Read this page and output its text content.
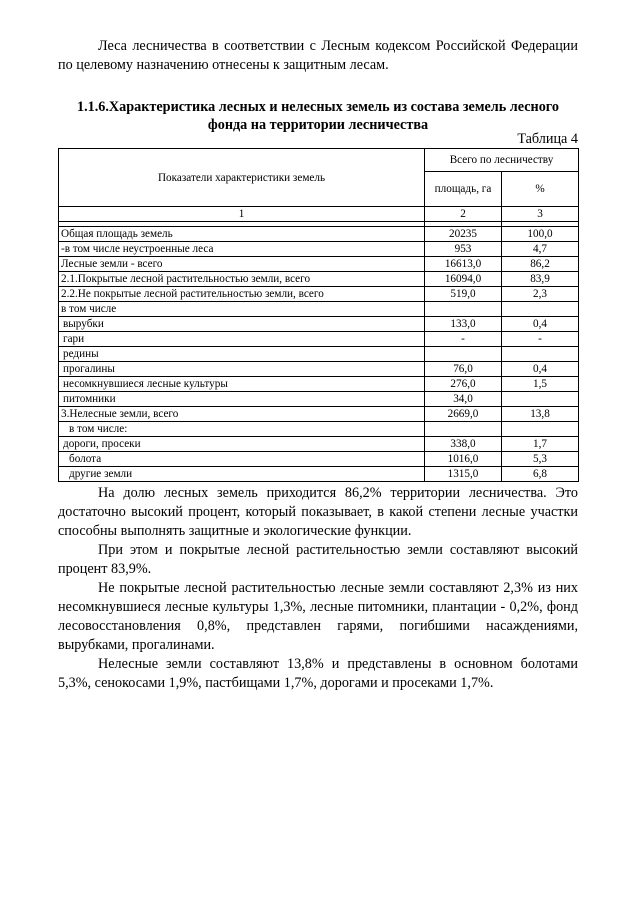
Леса лесничества в соответствии с Лесным кодексом Российской Федерации по целевому назначению отнесены к защитным лесам.

1.1.6.Характеристика лесных и нелесных земель из состава земель лесного фонда на территории лесничества

Таблица 4
Показатели характеристики земель	Всего по лесничеству	
	площадь, га	%
1	2	3

Общая площадь земель	20235	100,0
-в том числе неустроенные леса	953	4,7
Лесные земли - всего	16613,0	86,2
2.1.Покрытые лесной растительностью земли, всего	16094,0	83,9
2.2.Не покрытые лесной растительностью земли, всего	519,0	2,3
в том числе		
вырубки	133,0	0,4
гари	-	-
редины		
прогалины	76,0	0,4
несомкнувшиеся лесные культуры	276,0	1,5
питомники	34,0	
3.Нелесные земли, всего	2669,0	13,8
в том числе:		
дороги, просеки	338,0	1,7
болота	1016,0	5,3
другие земли	1315,0	6,8

На долю лесных земель приходится 86,2% территории лесничества. Это достаточно высокий процент, который показывает, в какой степени лесные участки способны выполнять защитные и экологические функции.

При этом и покрытые лесной растительностью земли составляют высокий процент 83,9%.

Не покрытые лесной растительностью лесные земли составляют 2,3% из них несомкнувшиеся лесные культуры 1,3%, лесные питомники, плантации - 0,2%, фонд лесовосстановления 0,8%, представлен гарями, погибшими насаждениями, вырубками, прогалинами.

Нелесные земли составляют 13,8% и представлены в основном болотами 5,3%, сенокосами 1,9%, пастбищами 1,7%, дорогами и просеками 1,7%.
